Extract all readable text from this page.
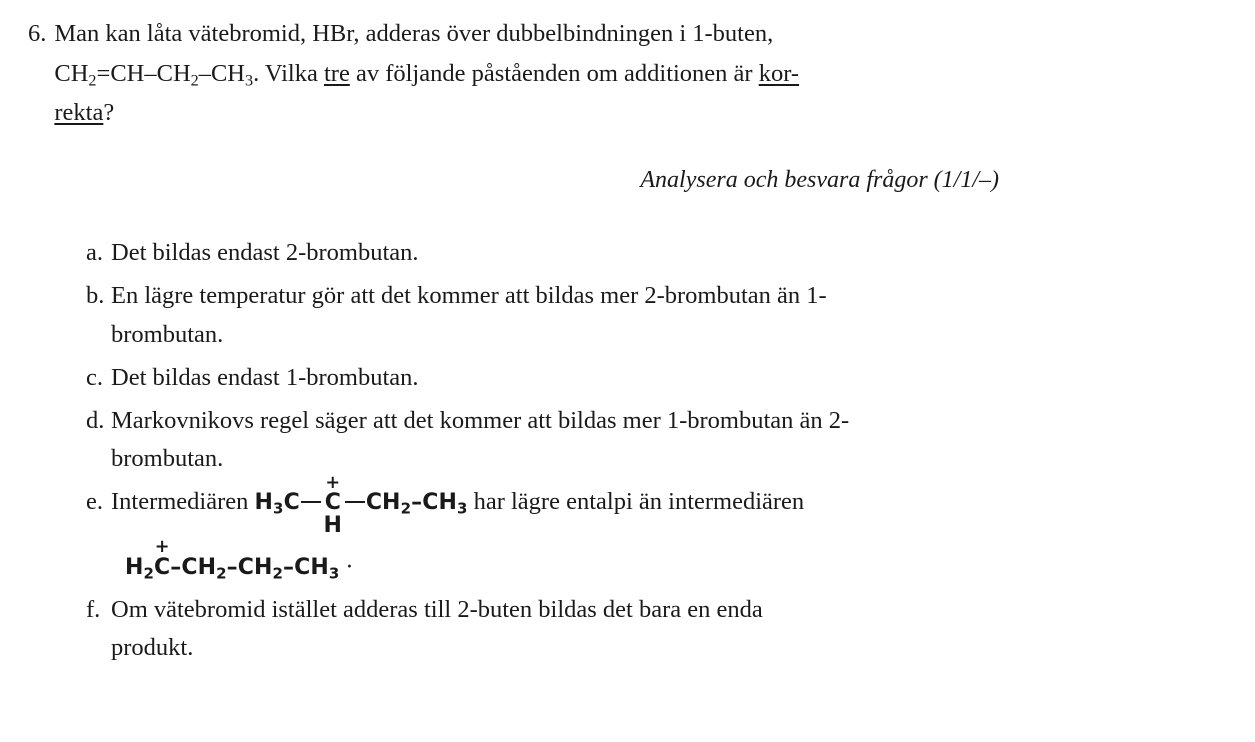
6. Man kan låta vätebromid, HBr, adderas över dubbelbindningen i 1-buten,
$CH_2=CH-CH_2-CH_3$. Vilka tre av följande påståenden om additionen är kor-
rekta?
Analysera och besvara frågor (1/1/–)
a. Det bildas endast 2-brombutan.
b. En lägre temperatur gör att det kommer att bildas mer 2-brombutan än 1-
brombutan.
c. Det bildas endast 1-brombutan.
d. Markovnikovs regel säger att det kommer att bildas mer 1-brombutan än 2-
brombutan.
e. Intermediären $H_3C$
+
C
H
$CH_2-CH_3$ har lägre entalpi än intermediären
$H_2$
+
$C-CH_2-CH_2-CH_3$ ·
f. Om vätebromid istället adderas till 2-buten bildas det bara en enda
produkt.
